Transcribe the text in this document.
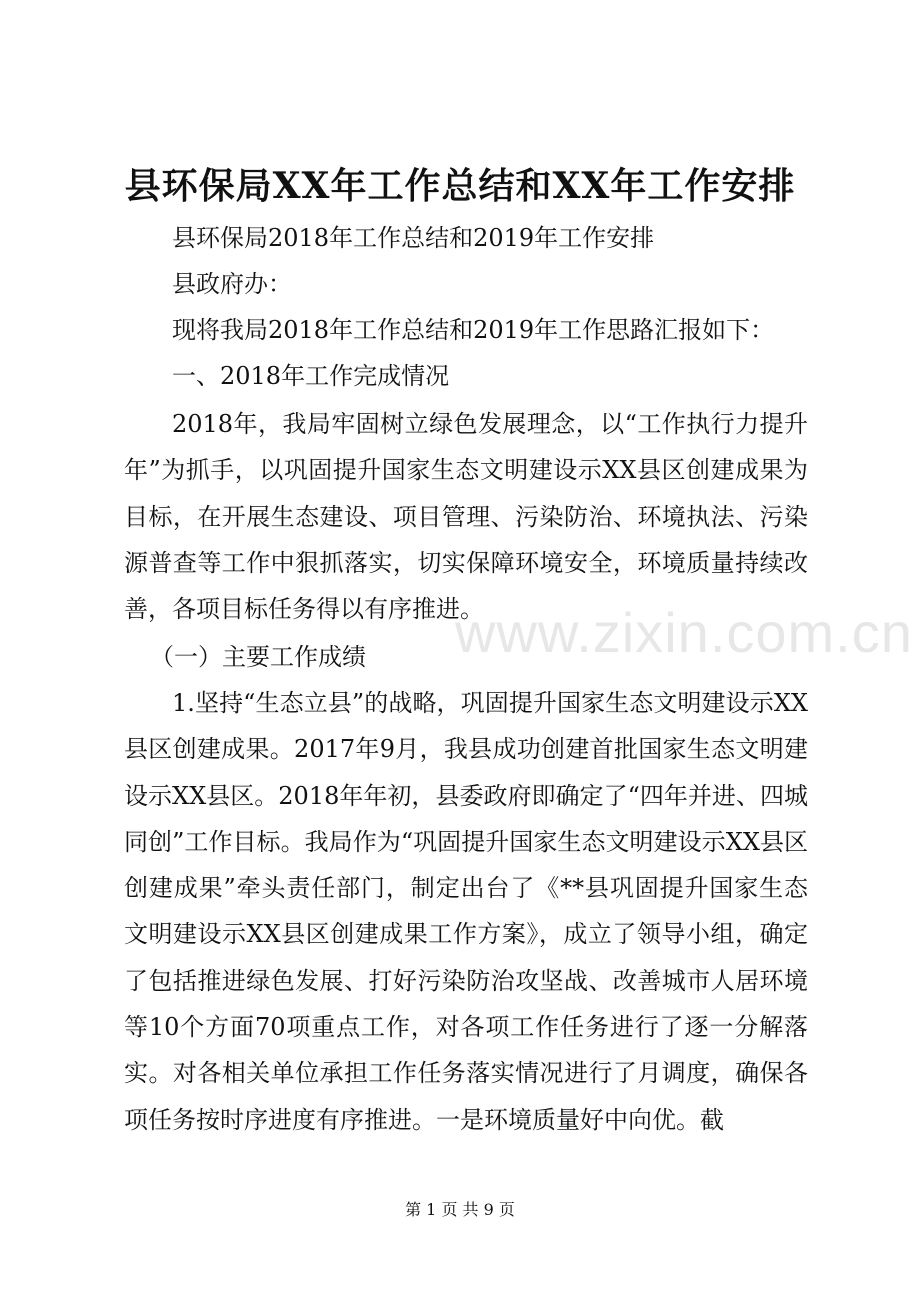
县环保局XX年工作总结和XX年工作安排

县环保局2018年工作总结和2019年工作安排

县政府办：

现将我局2018年工作总结和2019年工作思路汇报如下：

一、2018年工作完成情况

2018年，我局牢固树立绿色发展理念，以“工作执行力提升年”为抓手，以巩固提升国家生态文明建设示XX县区创建成果为目标，在开展生态建设、项目管理、污染防治、环境执法、污染源普查等工作中狠抓落实，切实保障环境安全，环境质量持续改善，各项目标任务得以有序推进。

www.zixin.com.cn

（一）主要工作成绩

1.坚持“生态立县”的战略，巩固提升国家生态文明建设示XX县区创建成果。2017年9月，我县成功创建首批国家生态文明建设示XX县区。2018年年初，县委政府即确定了“四年并进、四城同创”工作目标。我局作为“巩固提升国家生态文明建设示XX县区创建成果”牵头责任部门，制定出台了《**县巩固提升国家生态文明建设示XX县区创建成果工作方案》，成立了领导小组，确定了包括推进绿色发展、打好污染防治攻坚战、改善城市人居环境等10个方面70项重点工作，对各项工作任务进行了逐一分解落实。对各相关单位承担工作任务落实情况进行了月调度，确保各项任务按时序进度有序推进。一是环境质量好中向优。截

第 1 页 共 9 页
